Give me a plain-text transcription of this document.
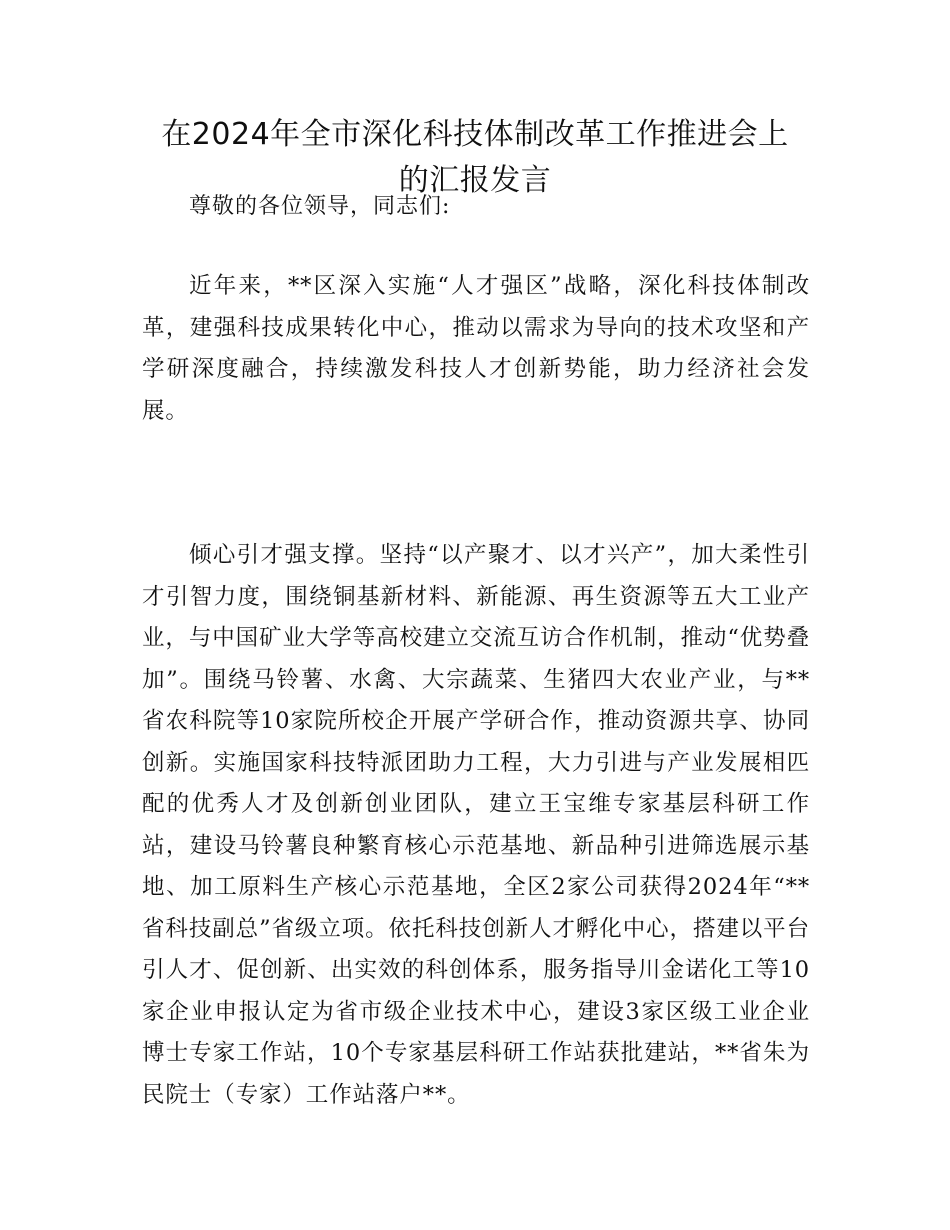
在2024年全市深化科技体制改革工作推进会上
的汇报发言
尊敬的各位领导，同志们:

近年来，**区深入实施“人才强区”战略，深化科技体制改革，建强科技成果转化中心，推动以需求为导向的技术攻坚和产学研深度融合，持续激发科技人才创新势能，助力经济社会发展。

倾心引才强支撑。坚持“以产聚才、以才兴产”，加大柔性引才引智力度，围绕铜基新材料、新能源、再生资源等五大工业产业，与中国矿业大学等高校建立交流互访合作机制，推动“优势叠加”。围绕马铃薯、水禽、大宗蔬菜、生猪四大农业产业，与**省农科院等10家院所校企开展产学研合作，推动资源共享、协同创新。实施国家科技特派团助力工程，大力引进与产业发展相匹配的优秀人才及创新创业团队，建立王宝维专家基层科研工作站，建设马铃薯良种繁育核心示范基地、新品种引进筛选展示基地、加工原料生产核心示范基地，全区2家公司获得2024年“**省科技副总”省级立项。依托科技创新人才孵化中心，搭建以平台引人才、促创新、出实效的科创体系，服务指导川金诺化工等10家企业申报认定为省市级企业技术中心，建设3家区级工业企业博士专家工作站，10个专家基层科研工作站获批建站，**省朱为民院士（专家）工作站落户**。
